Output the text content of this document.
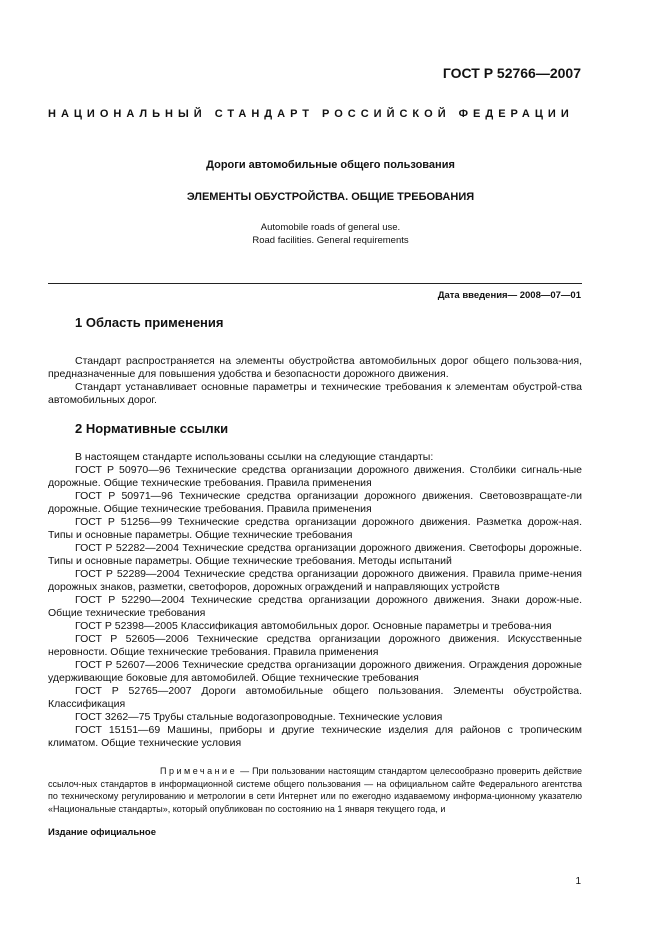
ГОСТ Р 52766—2007
НАЦИОНАЛЬНЫЙ СТАНДАРТ РОССИЙСКОЙ ФЕДЕРАЦИИ
Дороги автомобильные общего пользования
ЭЛЕМЕНТЫ ОБУСТРОЙСТВА. ОБЩИЕ ТРЕБОВАНИЯ
Automobile roads of general use.
Road facilities. General requirements
Дата введения— 2008—07—01
1 Область применения
Стандарт распространяется на элементы обустройства автомобильных дорог общего пользова-ния, предназначенные для повышения удобства и безопасности дорожного движения.
Стандарт устанавливает основные параметры и технические требования к элементам обустрой-ства автомобильных дорог.
2 Нормативные ссылки
В настоящем стандарте использованы ссылки на следующие стандарты:
ГОСТ Р 50970—96 Технические средства организации дорожного движения. Столбики сигналь-ные дорожные. Общие технические требования. Правила применения
ГОСТ Р 50971—96 Технические средства организации дорожного движения. Световозвращате-ли дорожные. Общие технические требования. Правила применения
ГОСТ Р 51256—99 Технические средства организации дорожного движения. Разметка дорож-ная. Типы и основные параметры. Общие технические требования
ГОСТ Р 52282—2004 Технические средства организации дорожного движения. Светофоры дорожные. Типы и основные параметры. Общие технические требования. Методы испытаний
ГОСТ Р 52289—2004 Технические средства организации дорожного движения. Правила приме-нения дорожных знаков, разметки, светофоров, дорожных ограждений и направляющих устройств
ГОСТ Р 52290—2004 Технические средства организации дорожного движения. Знаки дорож-ные. Общие технические требования
ГОСТ Р 52398—2005 Классификация автомобильных дорог. Основные параметры и требова-ния
ГОСТ Р 52605—2006 Технические средства организации дорожного движения. Искусственные неровности. Общие технические требования. Правила применения
ГОСТ Р 52607—2006 Технические средства организации дорожного движения. Ограждения дорожные удерживающие боковые для автомобилей. Общие технические требования
ГОСТ Р 52765—2007 Дороги автомобильные общего пользования. Элементы обустройства. Классификация
ГОСТ 3262—75 Трубы стальные водогазопроводные. Технические условия
ГОСТ 15151—69 Машины, приборы и другие технические изделия для районов с тропическим климатом. Общие технические условия
Примечание — При пользовании настоящим стандартом целесообразно проверить действие ссылоч-ных стандартов в информационной системе общего пользования — на официальном сайте Федерального агентства по техническому регулированию и метрологии в сети Интернет или по ежегодно издаваемому информа-ционному указателю «Национальные стандарты», который опубликован по состоянию на 1 января текущего года, и
Издание официальное
1
